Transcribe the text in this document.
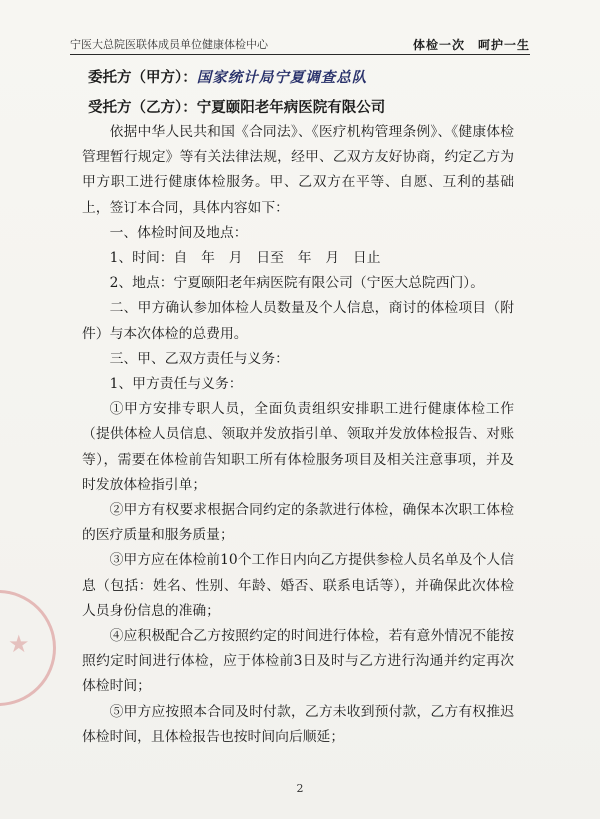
★
宁医大总院医联体成员单位健康体检中心	体检一次　呵护一生
委托方（甲方）：国家统计局宁夏调查总队
受托方（乙方）：宁夏颐阳老年病医院有限公司

依据中华人民共和国《合同法》、《医疗机构管理条例》、《健康体检管理暂行规定》等有关法律法规，经甲、乙双方友好协商，约定乙方为甲方职工进行健康体检服务。甲、乙双方在平等、自愿、互利的基础上，签订本合同，具体内容如下：

一、体检时间及地点：

1、时间：自　年　月　日至　年　月　日止

2、地点：宁夏颐阳老年病医院有限公司（宁医大总院西门）。

二、甲方确认参加体检人员数量及个人信息，商讨的体检项目（附件）与本次体检的总费用。

三、甲、乙双方责任与义务：

1、甲方责任与义务：

①甲方安排专职人员，全面负责组织安排职工进行健康体检工作（提供体检人员信息、领取并发放指引单、领取并发放体检报告、对账等），需要在体检前告知职工所有体检服务项目及相关注意事项，并及时发放体检指引单；

②甲方有权要求根据合同约定的条款进行体检，确保本次职工体检的医疗质量和服务质量；

③甲方应在体检前10个工作日内向乙方提供参检人员名单及个人信息（包括：姓名、性别、年龄、婚否、联系电话等），并确保此次体检人员身份信息的准确；

④应积极配合乙方按照约定的时间进行体检，若有意外情况不能按照约定时间进行体检，应于体检前3日及时与乙方进行沟通并约定再次体检时间；

⑤甲方应按照本合同及时付款，乙方未收到预付款，乙方有权推迟体检时间，且体检报告也按时间向后顺延；

2
